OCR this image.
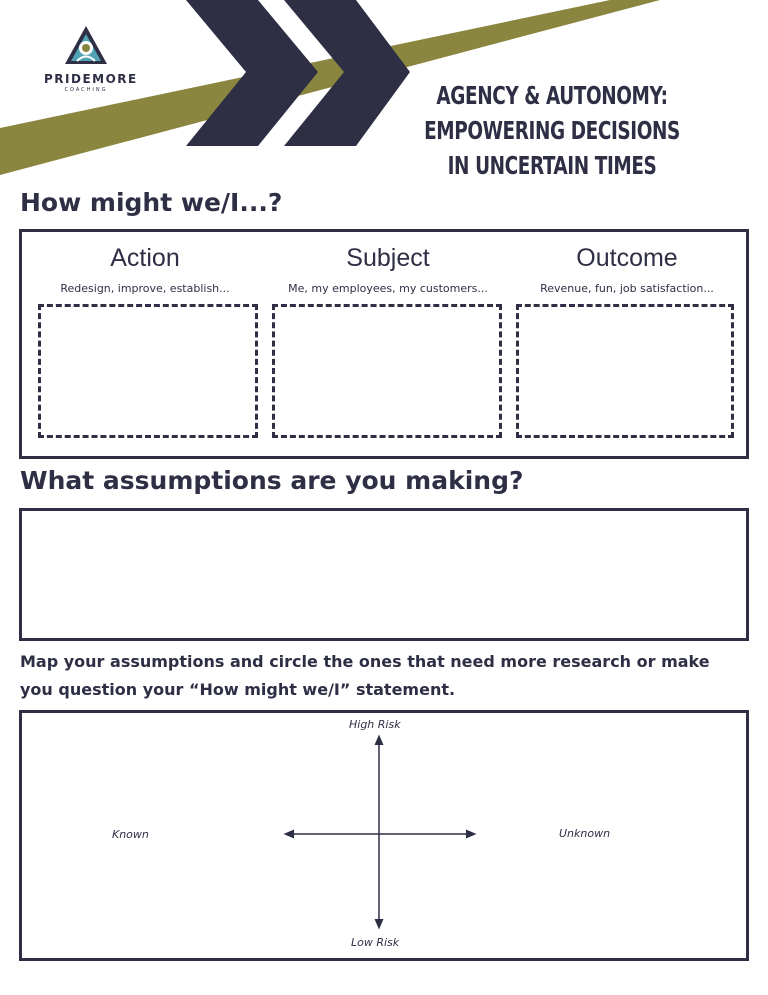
PRIDEMORE
COACHING	AGENCY & AUTONOMY:
EMPOWERING DECISIONS
IN UNCERTAIN TIMES
How might we/I...?
Action
Redesign, improve, establish...
Subject
Me, my employees, my customers...
Outcome
Revenue, fun, job satisfaction...
What assumptions are you making?
Map your assumptions and circle the ones that need more research or make you question your “How might we/I” statement.
High Risk
Low Risk
Known	Unknown
